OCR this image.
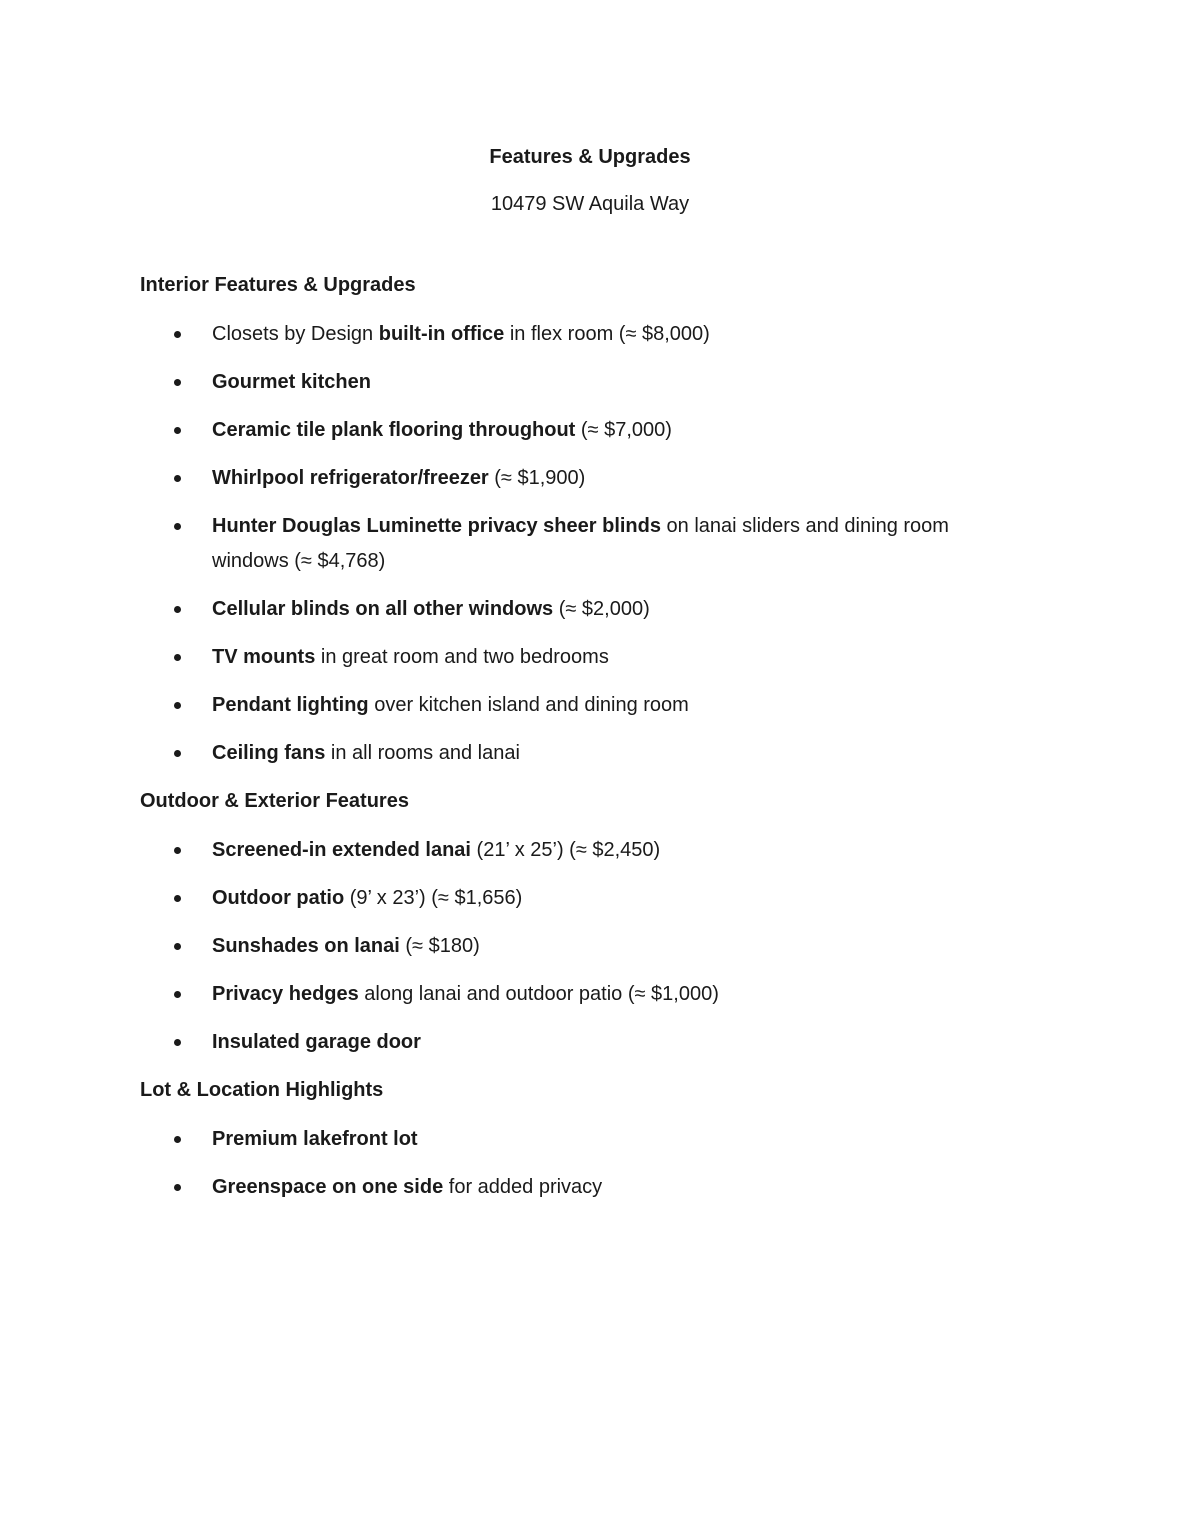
Features & Upgrades

10479 SW Aquila Way

Interior Features & Upgrades
Closets by Design built-in office in flex room (≈ $8,000)
Gourmet kitchen
Ceramic tile plank flooring throughout (≈ $7,000)
Whirlpool refrigerator/freezer (≈ $1,900)
Hunter Douglas Luminette privacy sheer blinds on lanai sliders and dining room windows (≈ $4,768)
Cellular blinds on all other windows (≈ $2,000)
TV mounts in great room and two bedrooms
Pendant lighting over kitchen island and dining room
Ceiling fans in all rooms and lanai
Outdoor & Exterior Features
Screened-in extended lanai (21’ x 25’) (≈ $2,450)
Outdoor patio (9’ x 23’) (≈ $1,656)
Sunshades on lanai (≈ $180)
Privacy hedges along lanai and outdoor patio (≈ $1,000)
Insulated garage door
Lot & Location Highlights
Premium lakefront lot
Greenspace on one side for added privacy
